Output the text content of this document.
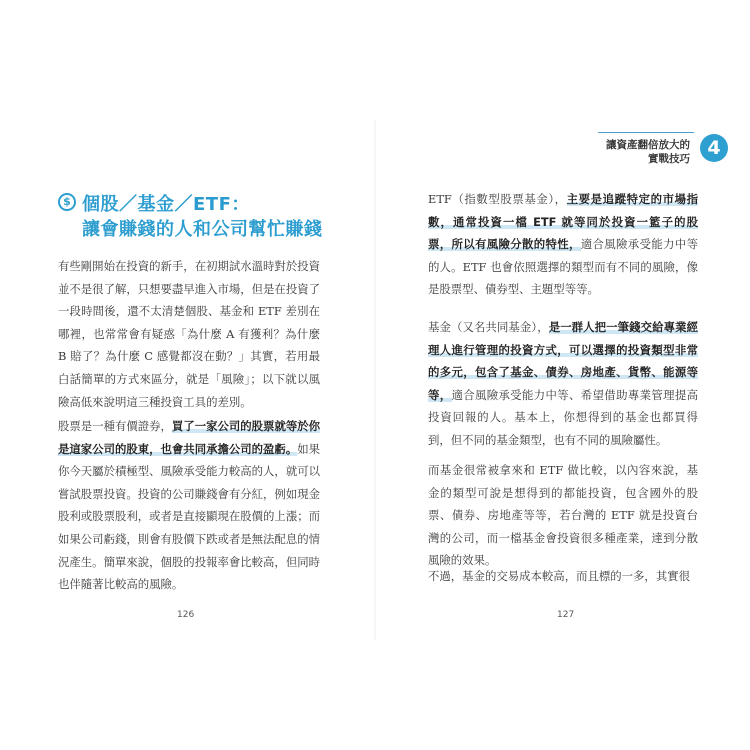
讓資產翻倍放大的
實戰技巧 4
$ 個股／基金／ETF：
讓會賺錢的人和公司幫忙賺錢

有些剛開始在投資的新手，在初期試水溫時對於投資並不是很了解，只想要盡早進入市場，但是在投資了一段時間後，還不太清楚個股、基金和 ETF 差別在哪裡，也常常會有疑惑「為什麼 A 有獲利？為什麼 B 賠了？為什麼 C 感覺都沒在動？」其實，若用最白話簡單的方式來區分，就是「風險」；以下就以風險高低來說明這三種投資工具的差別。

股票是一種有價證券，買了一家公司的股票就等於你是這家公司的股東，也會共同承擔公司的盈虧。如果你今天屬於積極型、風險承受能力較高的人，就可以嘗試股票投資。投資的公司賺錢會有分紅，例如現金股利或股票股利，或者是直接顯現在股價的上漲；而如果公司虧錢，則會有股價下跌或者是無法配息的情況產生。簡單來說，個股的投報率會比較高，但同時也伴隨著比較高的風險。

126

ETF（指數型股票基金），主要是追蹤特定的市場指數，通常投資一檔 ETF 就等同於投資一籃子的股票，所以有風險分散的特性，適合風險承受能力中等的人。ETF 也會依照選擇的類型而有不同的風險，像是股票型、債券型、主題型等等。

基金（又名共同基金），是一群人把一筆錢交給專業經理人進行管理的投資方式，可以選擇的投資類型非常的多元，包含了基金、債券、房地產、貨幣、能源等等，適合風險承受能力中等、希望借助專業管理提高投資回報的人。基本上，你想得到的基金也都買得到，但不同的基金類型，也有不同的風險屬性。

而基金很常被拿來和 ETF 做比較，以內容來說，基金的類型可說是想得到的都能投資，包含國外的股票、債券、房地產等等，若台灣的 ETF 就是投資台灣的公司，而一檔基金會投資很多種產業，達到分散風險的效果。

不過，基金的交易成本較高，而且標的一多，其實很

127
